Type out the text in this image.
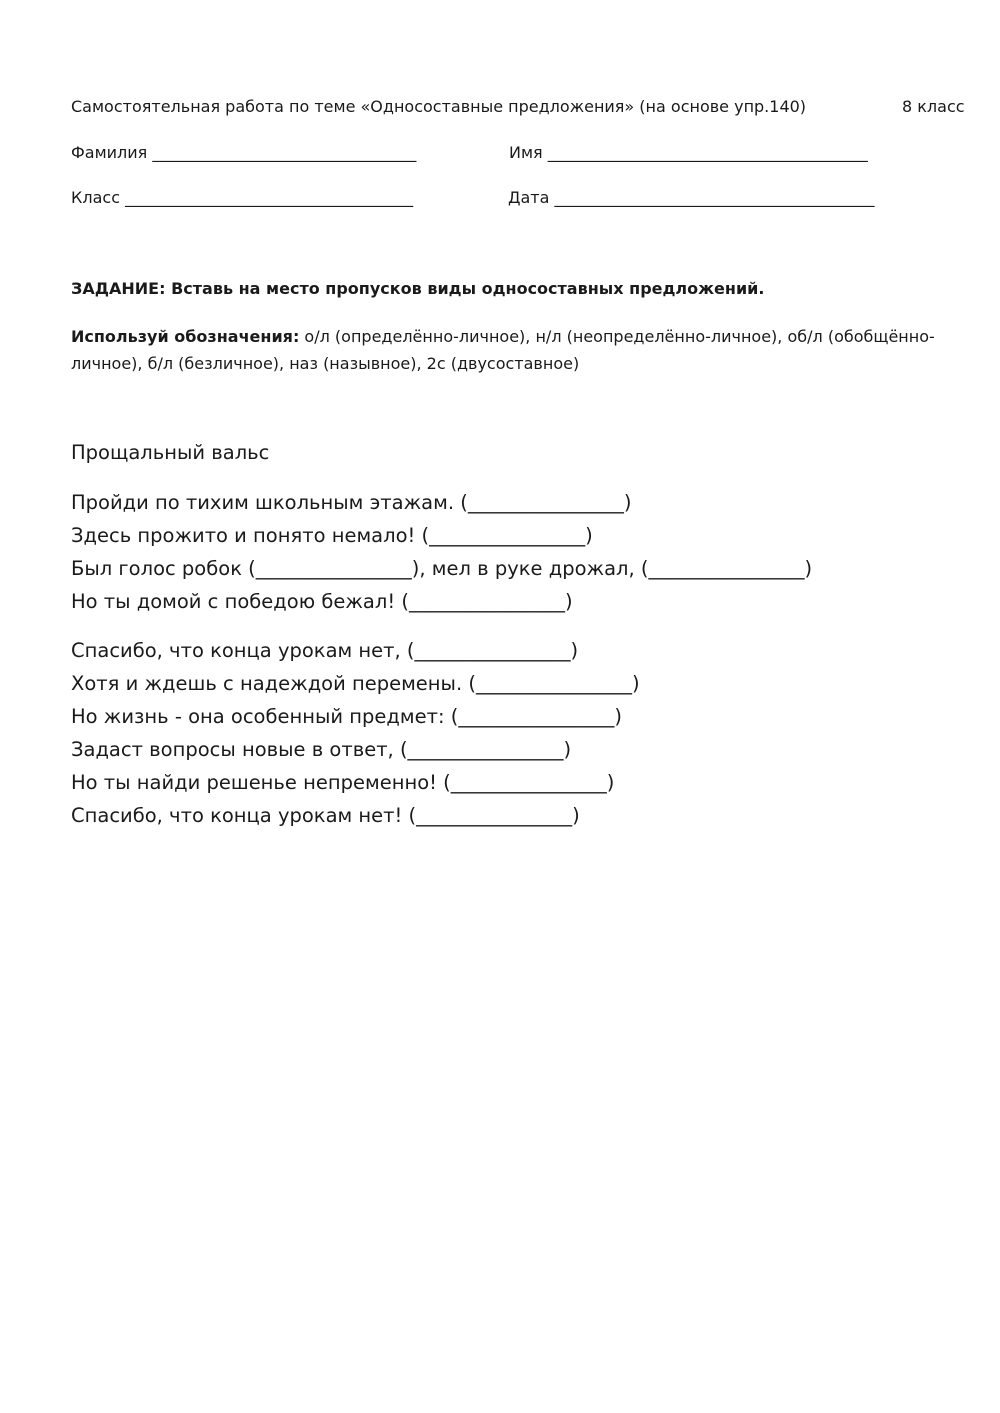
Самостоятельная работа по теме «Односоставные предложения» (на основе упр.140)	8 класс
Фамилия _________________________________	Имя ________________________________________
Класс ____________________________________	Дата ________________________________________
ЗАДАНИЕ: Вставь на место пропусков виды односоставных предложений.
Используй обозначения: о/л (определённо-личное), н/л (неопределённо-личное), об/л (обобщённо-личное), б/л (безличное), наз (назывное), 2с (двусоставное)
Прощальный вальс
Пройди по тихим школьным этажам. (________________)
Здесь прожито и понято немало! (________________)
Был голос робок (________________), мел в руке дрожал, (________________)
Но ты домой с победою бежал! (________________)
Спасибо, что конца урокам нет, (________________)
Хотя и ждешь с надеждой перемены. (________________)
Но жизнь - она особенный предмет: (________________)
Задаст вопросы новые в ответ, (________________)
Но ты найди решенье непременно! (________________)
Спасибо, что конца урокам нет! (________________)
